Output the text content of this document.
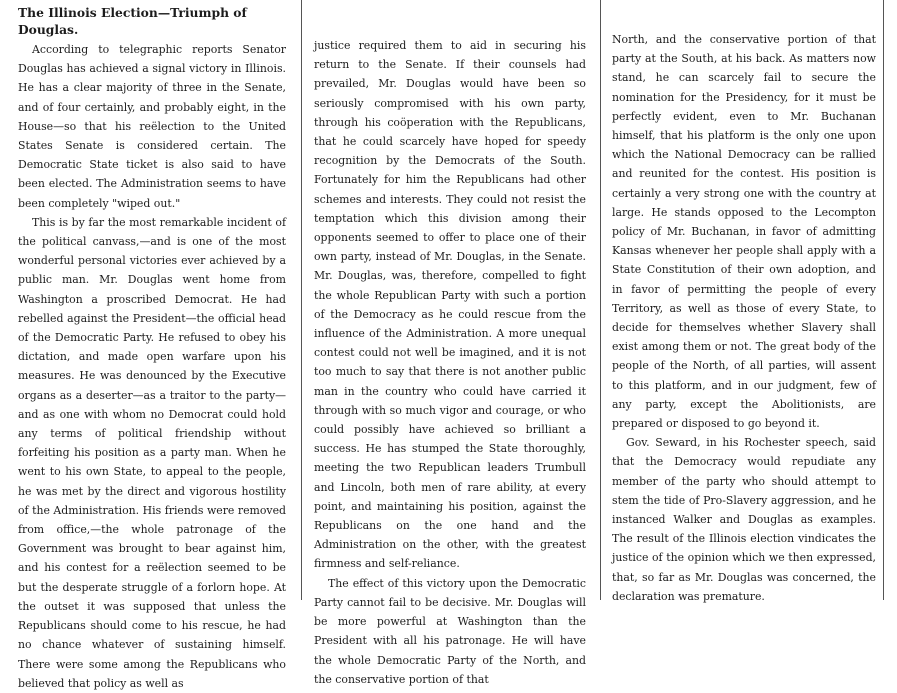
The Illinois Election—Triumph of Douglas.

According to telegraphic reports Senator Douglas has achieved a signal victory in Illinois. He has a clear majority of three in the Senate, and of four certainly, and probably eight, in the House—so that his reëlection to the United States Senate is considered certain. The Democratic State ticket is also said to have been elected. The Administration seems to have been completely "wiped out."

This is by far the most remarkable incident of the political canvass,—and is one of the most wonderful personal victories ever achieved by a public man. Mr. Douglas went home from Washington a proscribed Democrat. He had rebelled against the President—the official head of the Democratic Party. He refused to obey his dictation, and made open warfare upon his measures. He was denounced by the Executive organs as a deserter—as a traitor to the party—and as one with whom no Democrat could hold any terms of political friendship without forfeiting his position as a party man. When he went to his own State, to appeal to the people, he was met by the direct and vigorous hostility of the Administration. His friends were removed from office,—the whole patronage of the Government was brought to bear against him, and his contest for a reëlection seemed to be but the desperate struggle of a forlorn hope. At the outset it was supposed that unless the Republicans should come to his rescue, he had no chance whatever of sustaining himself. There were some among the Republicans who believed that policy as well as

justice required them to aid in securing his return to the Senate. If their counsels had prevailed, Mr. Douglas would have been so seriously compromised with his own party, through his coöperation with the Republicans, that he could scarcely have hoped for speedy recognition by the Democrats of the South. Fortunately for him the Republicans had other schemes and interests. They could not resist the temptation which this division among their opponents seemed to offer to place one of their own party, instead of Mr. Douglas, in the Senate. Mr. Douglas, was, therefore, compelled to fight the whole Republican Party with such a portion of the Democracy as he could rescue from the influence of the Administration. A more unequal contest could not well be imagined, and it is not too much to say that there is not another public man in the country who could have carried it through with so much vigor and courage, or who could possibly have achieved so brilliant a success. He has stumped the State thoroughly, meeting the two Republican leaders Trumbull and Lincoln, both men of rare ability, at every point, and maintaining his position, against the Republicans on the one hand and the Administration on the other, with the greatest firmness and self-reliance.

The effect of this victory upon the Democratic Party cannot fail to be decisive. Mr. Douglas will be more powerful at Washington than the President with all his patronage. He will have the whole Democratic Party of the North, and the conservative portion of that

North, and the conservative portion of that party at the South, at his back. As matters now stand, he can scarcely fail to secure the nomination for the Presidency, for it must be perfectly evident, even to Mr. Buchanan himself, that his platform is the only one upon which the National Democracy can be rallied and reunited for the contest. His position is certainly a very strong one with the country at large. He stands opposed to the Lecompton policy of Mr. Buchanan, in favor of admitting Kansas whenever her people shall apply with a State Constitution of their own adoption, and in favor of permitting the people of every Territory, as well as those of every State, to decide for themselves whether Slavery shall exist among them or not. The great body of the people of the North, of all parties, will assent to this platform, and in our judgment, few of any party, except the Abolitionists, are prepared or disposed to go beyond it.

Gov. Seward, in his Rochester speech, said that the Democracy would repudiate any member of the party who should attempt to stem the tide of Pro-Slavery aggression, and he instanced Walker and Douglas as examples. The result of the Illinois election vindicates the justice of the opinion which we then expressed, that, so far as Mr. Douglas was concerned, the declaration was premature.
